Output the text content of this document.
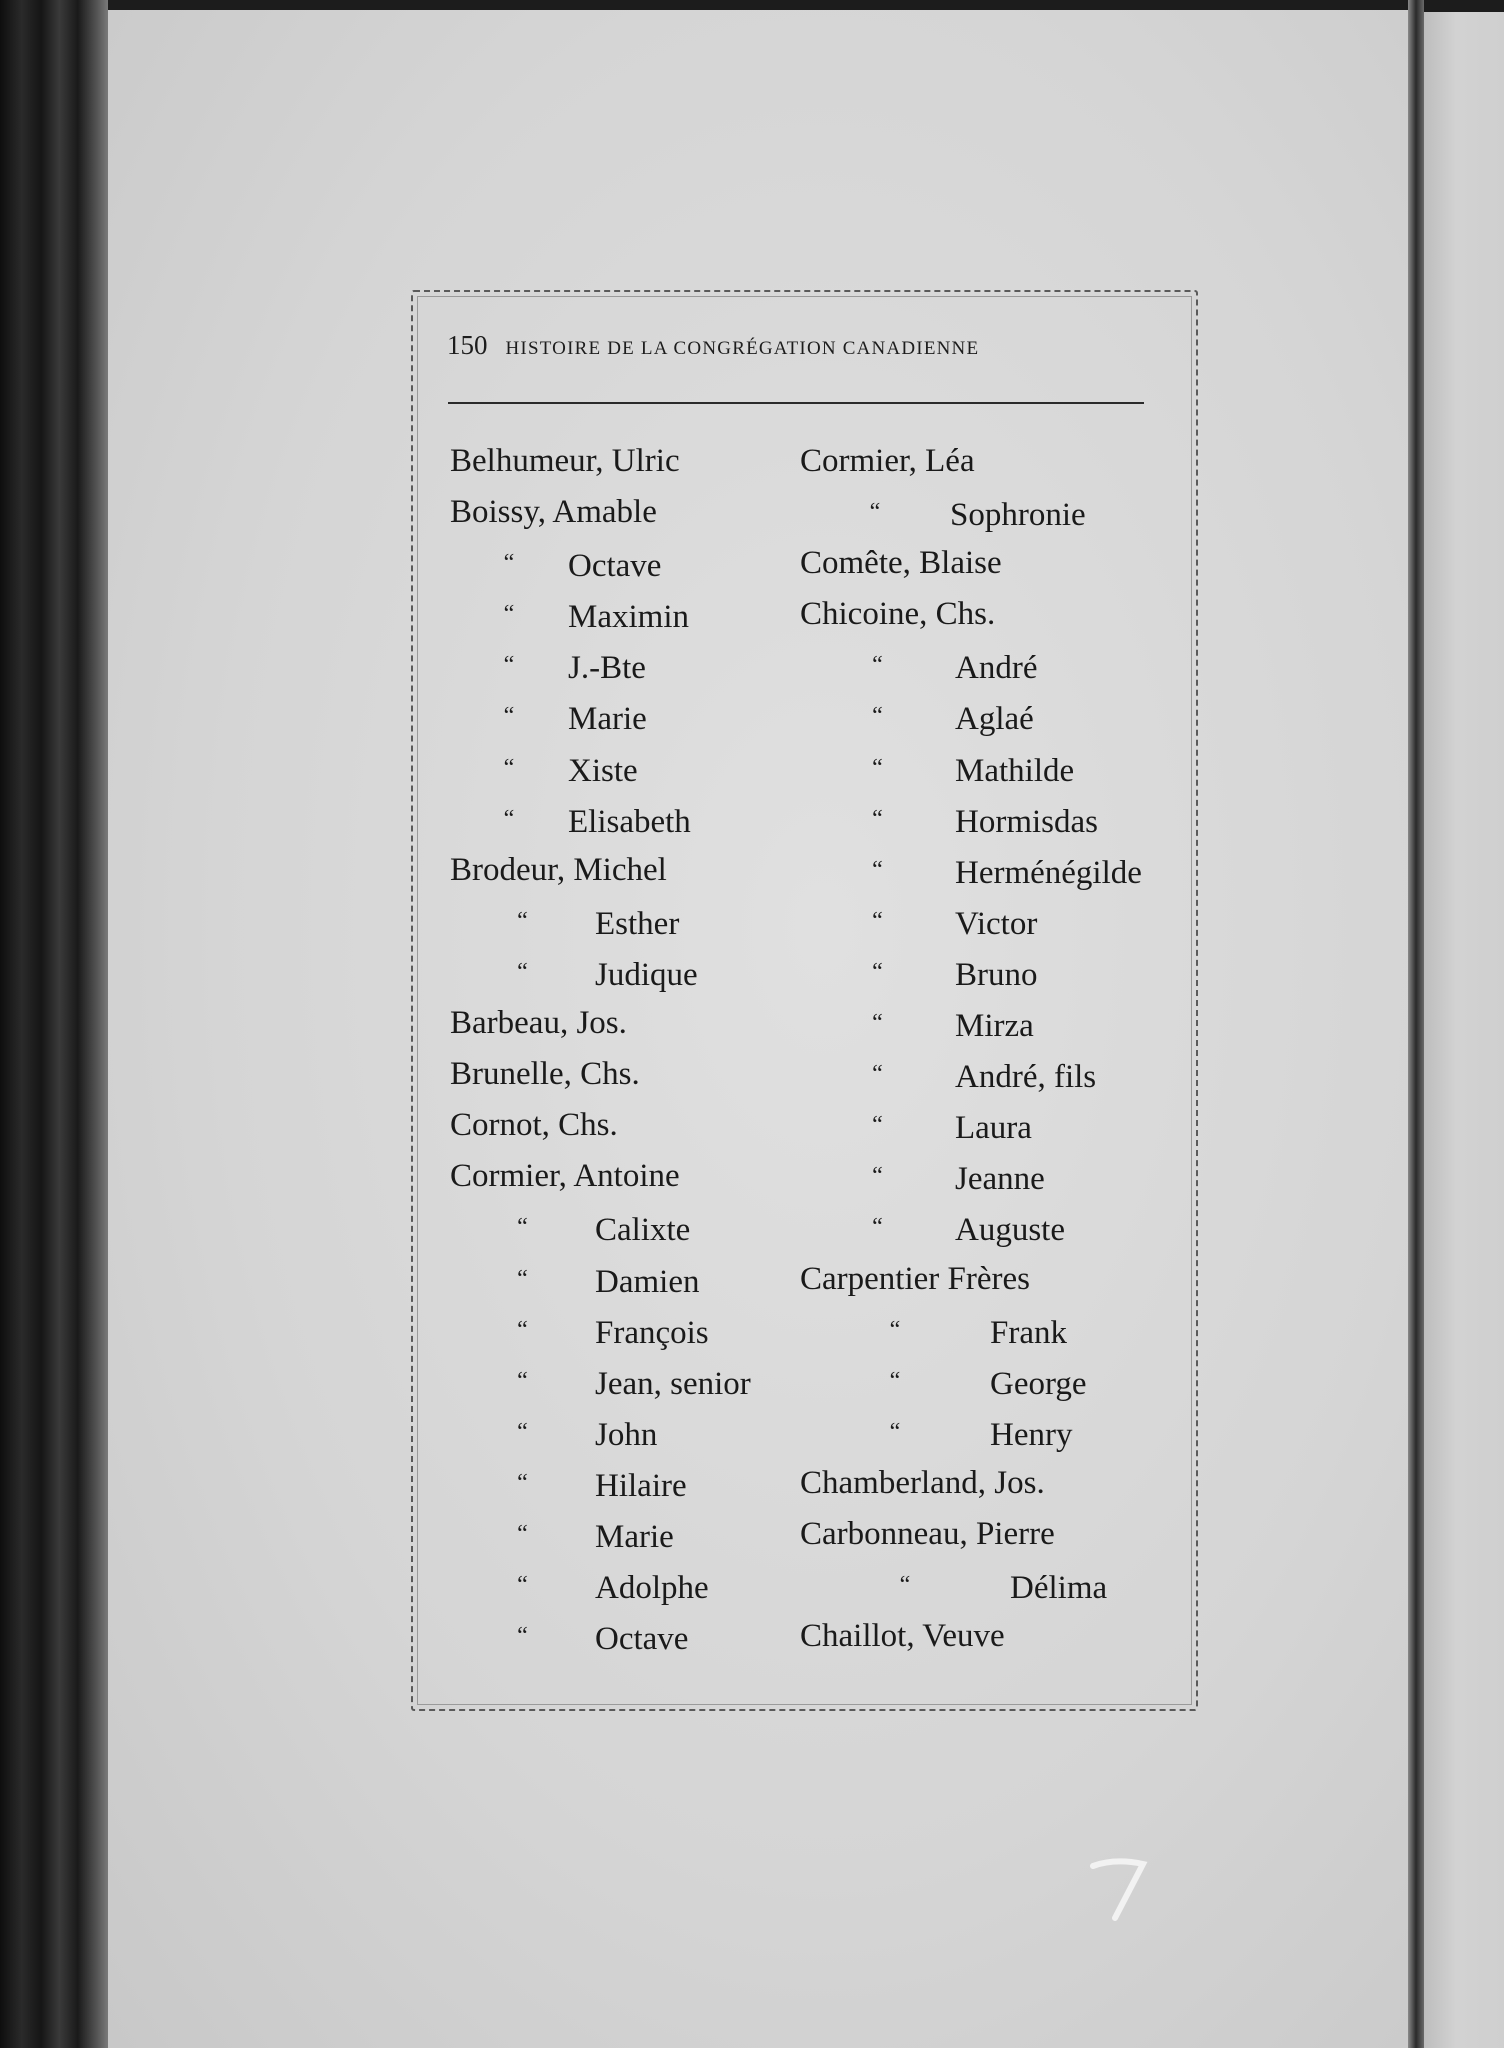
150 HISTOIRE DE LA CONGRÉGATION CANADIENNE
Belhumeur, Ulric
Boissy, Amable
“ Octave
“ Maximin
“ J.-Bte
“ Marie
“ Xiste
“ Elisabeth
Brodeur, Michel
“ Esther
“ Judique
Barbeau, Jos.
Brunelle, Chs.
Cornot, Chs.
Cormier, Antoine
“ Calixte
“ Damien
“ François
“ Jean, senior
“ John
“ Hilaire
“ Marie
“ Adolphe
“ Octave
Cormier, Léa
“ Sophronie
Comête, Blaise
Chicoine, Chs.
“ André
“ Aglaé
“ Mathilde
“ Hormisdas
“ Herménégilde
“ Victor
“ Bruno
“ Mirza
“ André, fils
“ Laura
“ Jeanne
“ Auguste
Carpentier Frères
“	Frank
“	George
“	Henry
Chamberland, Jos.
Carbonneau, Pierre
“	Délima
Chaillot, Veuve
